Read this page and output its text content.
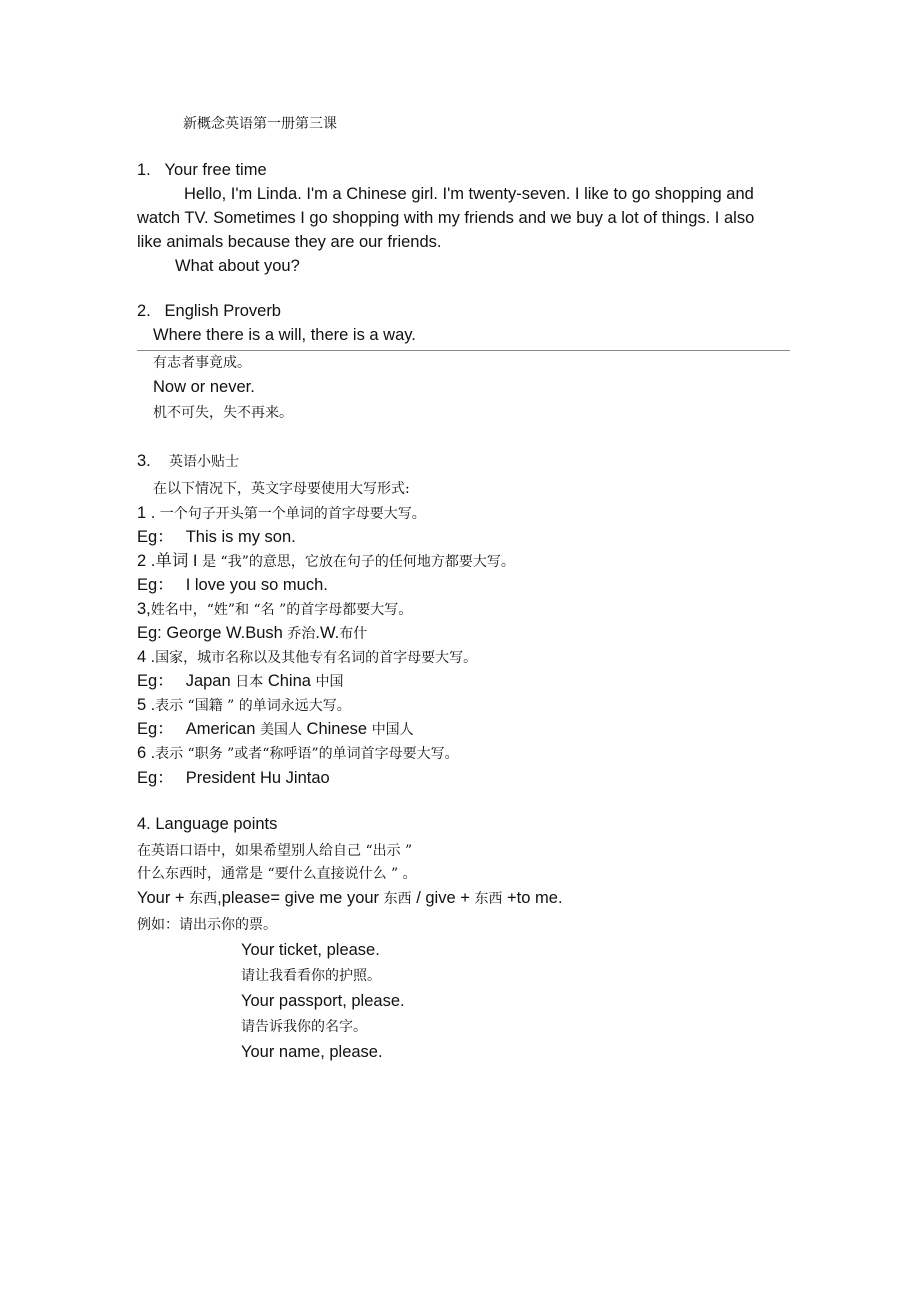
新概念英语第一册第三课
1.   Your free time
Hello, I'm Linda. I'm a Chinese girl. I'm twenty-seven. I like to go shopping and
watch TV. Sometimes I go shopping with my friends and we buy a lot of things. I also
like animals because they are our friends.
What about you?
2.   English Proverb
Where there is a will, there is a way.
有志者事竟成。
Now or never.
机不可失，失不再来。
3. 英语小贴士
在以下情况下，英文字母要使用大写形式:
1 . 一个句子开头第一个单词的首字母要大写。
Eg： This is my son.
2 .单词 I 是 “我”的意思，它放在句子的任何地方都要大写。
Eg： I love you so much.
3,姓名中，“姓”和 “名 ”的首字母都要大写。
Eg: George W.Bush 乔治.W.布什
4 .国家，城市名称以及其他专有名词的首字母要大写。
Eg： Japan 日本 China 中国
5 .表示 “国籍 ” 的单词永远大写。
Eg： American 美国人 Chinese 中国人
6 .表示 “职务 ”或者“称呼语”的单词首字母要大写。
Eg： President Hu Jintao
4. Language points
在英语口语中，如果希望别人给自己 “出示 ”
什么东西时，通常是 “要什么直接说什么 ” 。
Your + 东西,please= give me your 东西 / give + 东西 +to me.
例如：请出示你的票。
Your ticket, please.
请让我看看你的护照。
Your passport, please.
请告诉我你的名字。
Your name, please.
